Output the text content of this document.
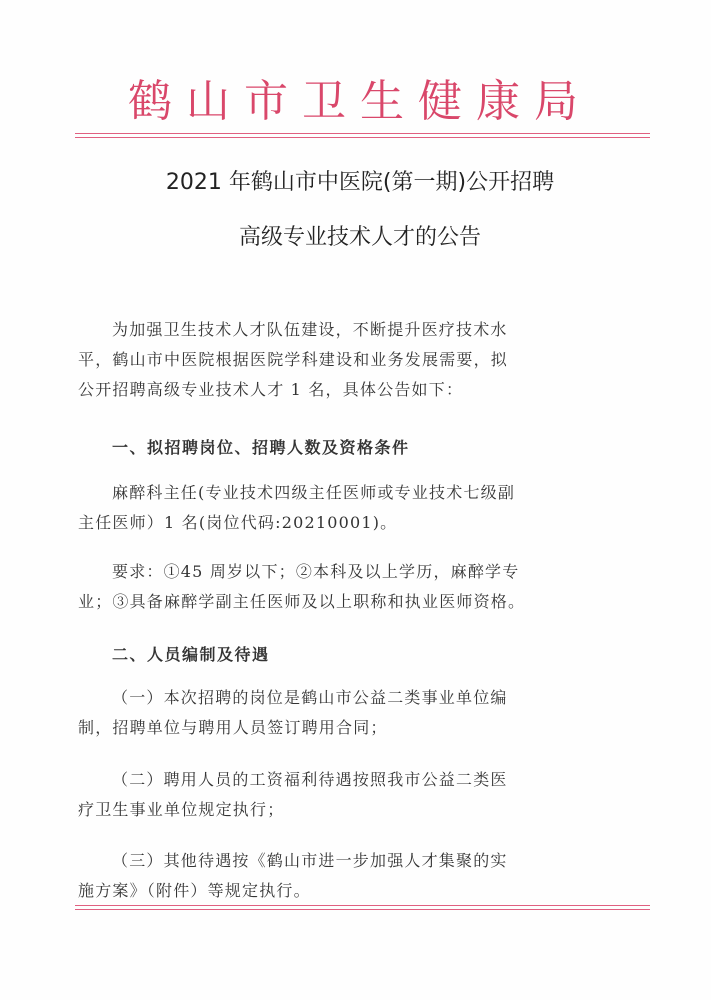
鹤山市卫生健康局
2021 年鹤山市中医院(第一期)公开招聘
高级专业技术人才的公告

为加强卫生技术人才队伍建设，不断提升医疗技术水

平，鹤山市中医院根据医院学科建设和业务发展需要，拟

公开招聘高级专业技术人才 1 名，具体公告如下：

一、拟招聘岗位、招聘人数及资格条件

麻醉科主任(专业技术四级主任医师或专业技术七级副

主任医师）1 名(岗位代码:20210001)。

要求：①45 周岁以下；②本科及以上学历，麻醉学专

业；③具备麻醉学副主任医师及以上职称和执业医师资格。

二、人员编制及待遇

（一）本次招聘的岗位是鹤山市公益二类事业单位编

制，招聘单位与聘用人员签订聘用合同；

（二）聘用人员的工资福利待遇按照我市公益二类医

疗卫生事业单位规定执行；

（三）其他待遇按《鹤山市进一步加强人才集聚的实

施方案》（附件）等规定执行。
